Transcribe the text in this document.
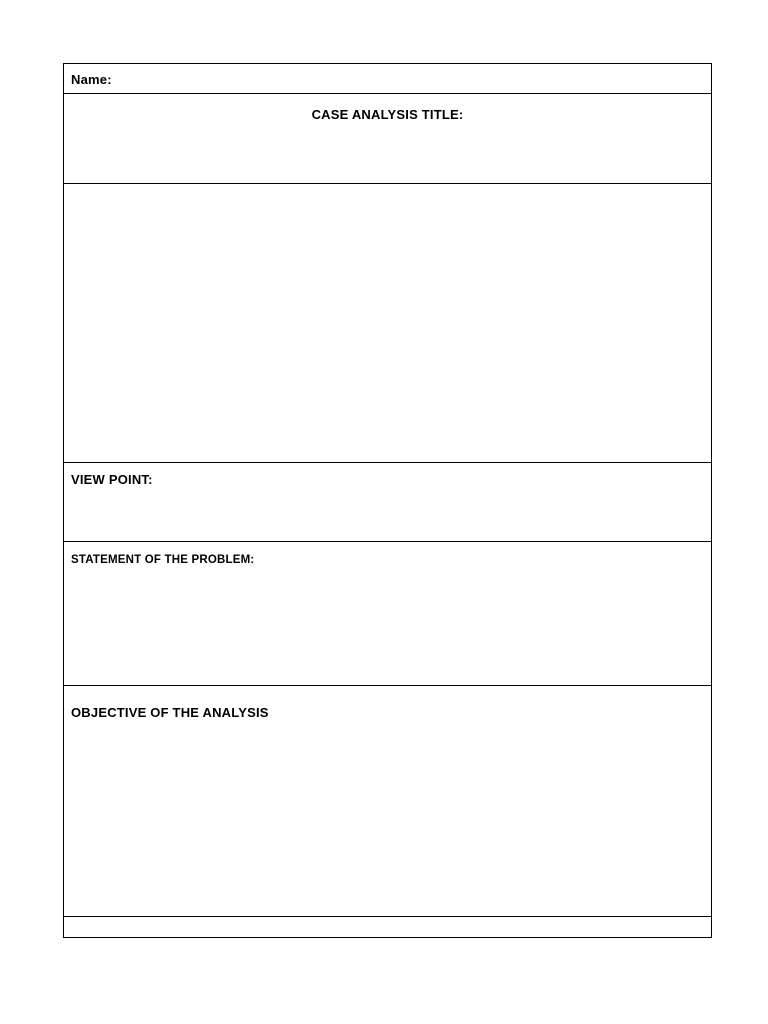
Name:
CASE ANALYSIS TITLE:
VIEW POINT:
STATEMENT OF THE PROBLEM:
OBJECTIVE OF THE ANALYSIS
